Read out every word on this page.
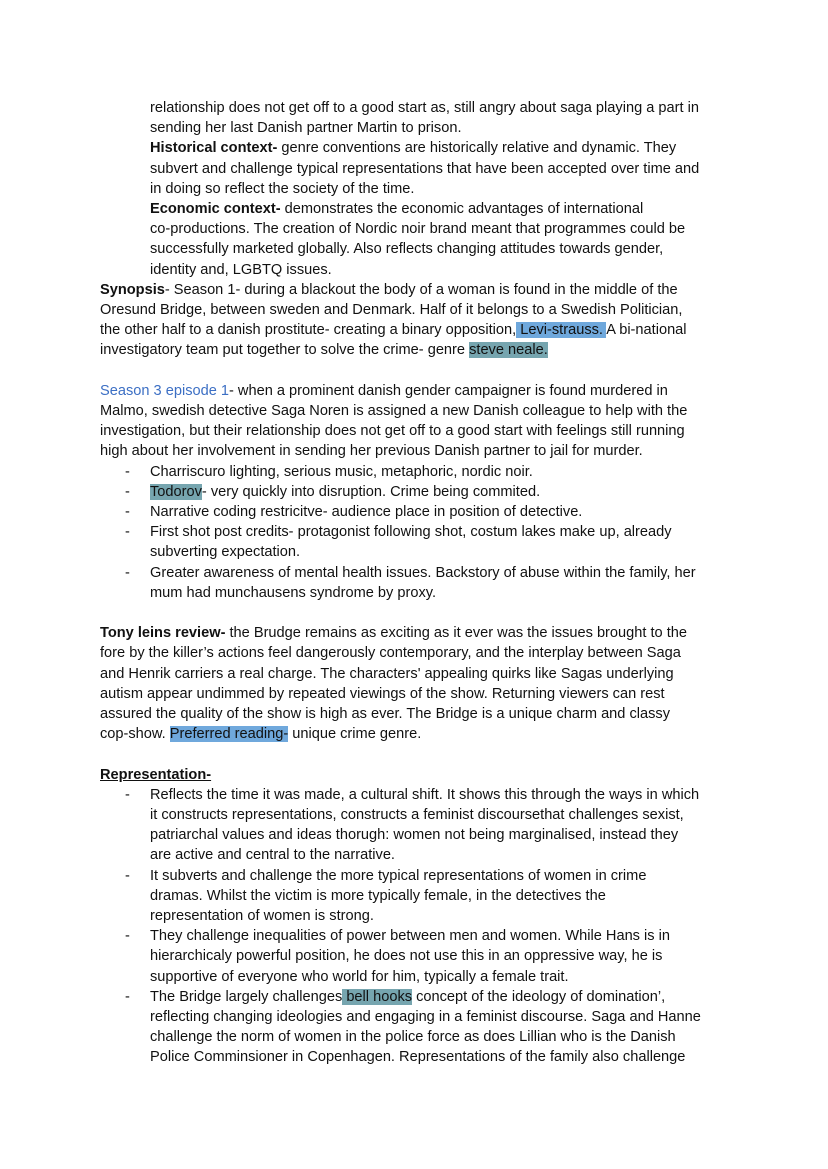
relationship does not get off to a good start as, still angry about saga playing a part in
sending her last Danish partner Martin to prison.
Historical context- genre conventions are historically relative and dynamic. They
subvert and challenge typical representations that have been accepted over time and
in doing so reflect the society of the time.
Economic context- demonstrates the economic advantages of international
co-productions. The creation of Nordic noir brand meant that programmes could be
successfully marketed globally. Also reflects changing attitudes towards gender,
identity and, LGBTQ issues.
Synopsis- Season 1- during a blackout the body of a woman is found in the middle of the
Oresund Bridge, between sweden and Denmark. Half of it belongs to a Swedish Politician,
the other half to a danish prostitute- creating a binary opposition, Levi-strauss. A bi-national
investigatory team put together to solve the crime- genre steve neale.
Season 3 episode 1- when a prominent danish gender campaigner is found murdered in
Malmo, swedish detective Saga Noren is assigned a new Danish colleague to help with the
investigation, but their relationship does not get off to a good start with feelings still running
high about her involvement in sending her previous Danish partner to jail for murder.
- Charriscuro lighting, serious music, metaphoric, nordic noir.
- Todorov- very quickly into disruption. Crime being commited.
- Narrative coding restricitve- audience place in position of detective.
- First shot post credits- protagonist following shot, costum lakes make up, already
subverting expectation.
- Greater awareness of mental health issues. Backstory of abuse within the family, her
mum had munchausens syndrome by proxy.
Tony leins review- the Brudge remains as exciting as it ever was the issues brought to the
fore by the killer’s actions feel dangerously contemporary, and the interplay between Saga
and Henrik carriers a real charge. The characters' appealing quirks like Sagas underlying
autism appear undimmed by repeated viewings of the show. Returning viewers can rest
assured the quality of the show is high as ever. The Bridge is a unique charm and classy
cop-show. Preferred reading- unique crime genre.
Representation-
- Reflects the time it was made, a cultural shift. It shows this through the ways in which
it constructs representations, constructs a feminist discoursethat challenges sexist,
patriarchal values and ideas thorugh: women not being marginalised, instead they
are active and central to the narrative.
- It subverts and challenge the more typical representations of women in crime
dramas. Whilst the victim is more typically female, in the detectives the
representation of women is strong.
- They challenge inequalities of power between men and women. While Hans is in
hierarchicaly powerful position, he does not use this in an oppressive way, he is
supportive of everyone who world for him, typically a female trait.
- The Bridge largely challenges bell hooks concept of the ideology of domination’,
reflecting changing ideologies and engaging in a feminist discourse. Saga and Hanne
challenge the norm of women in the police force as does Lillian who is the Danish
Police Comminsioner in Copenhagen. Representations of the family also challenge
